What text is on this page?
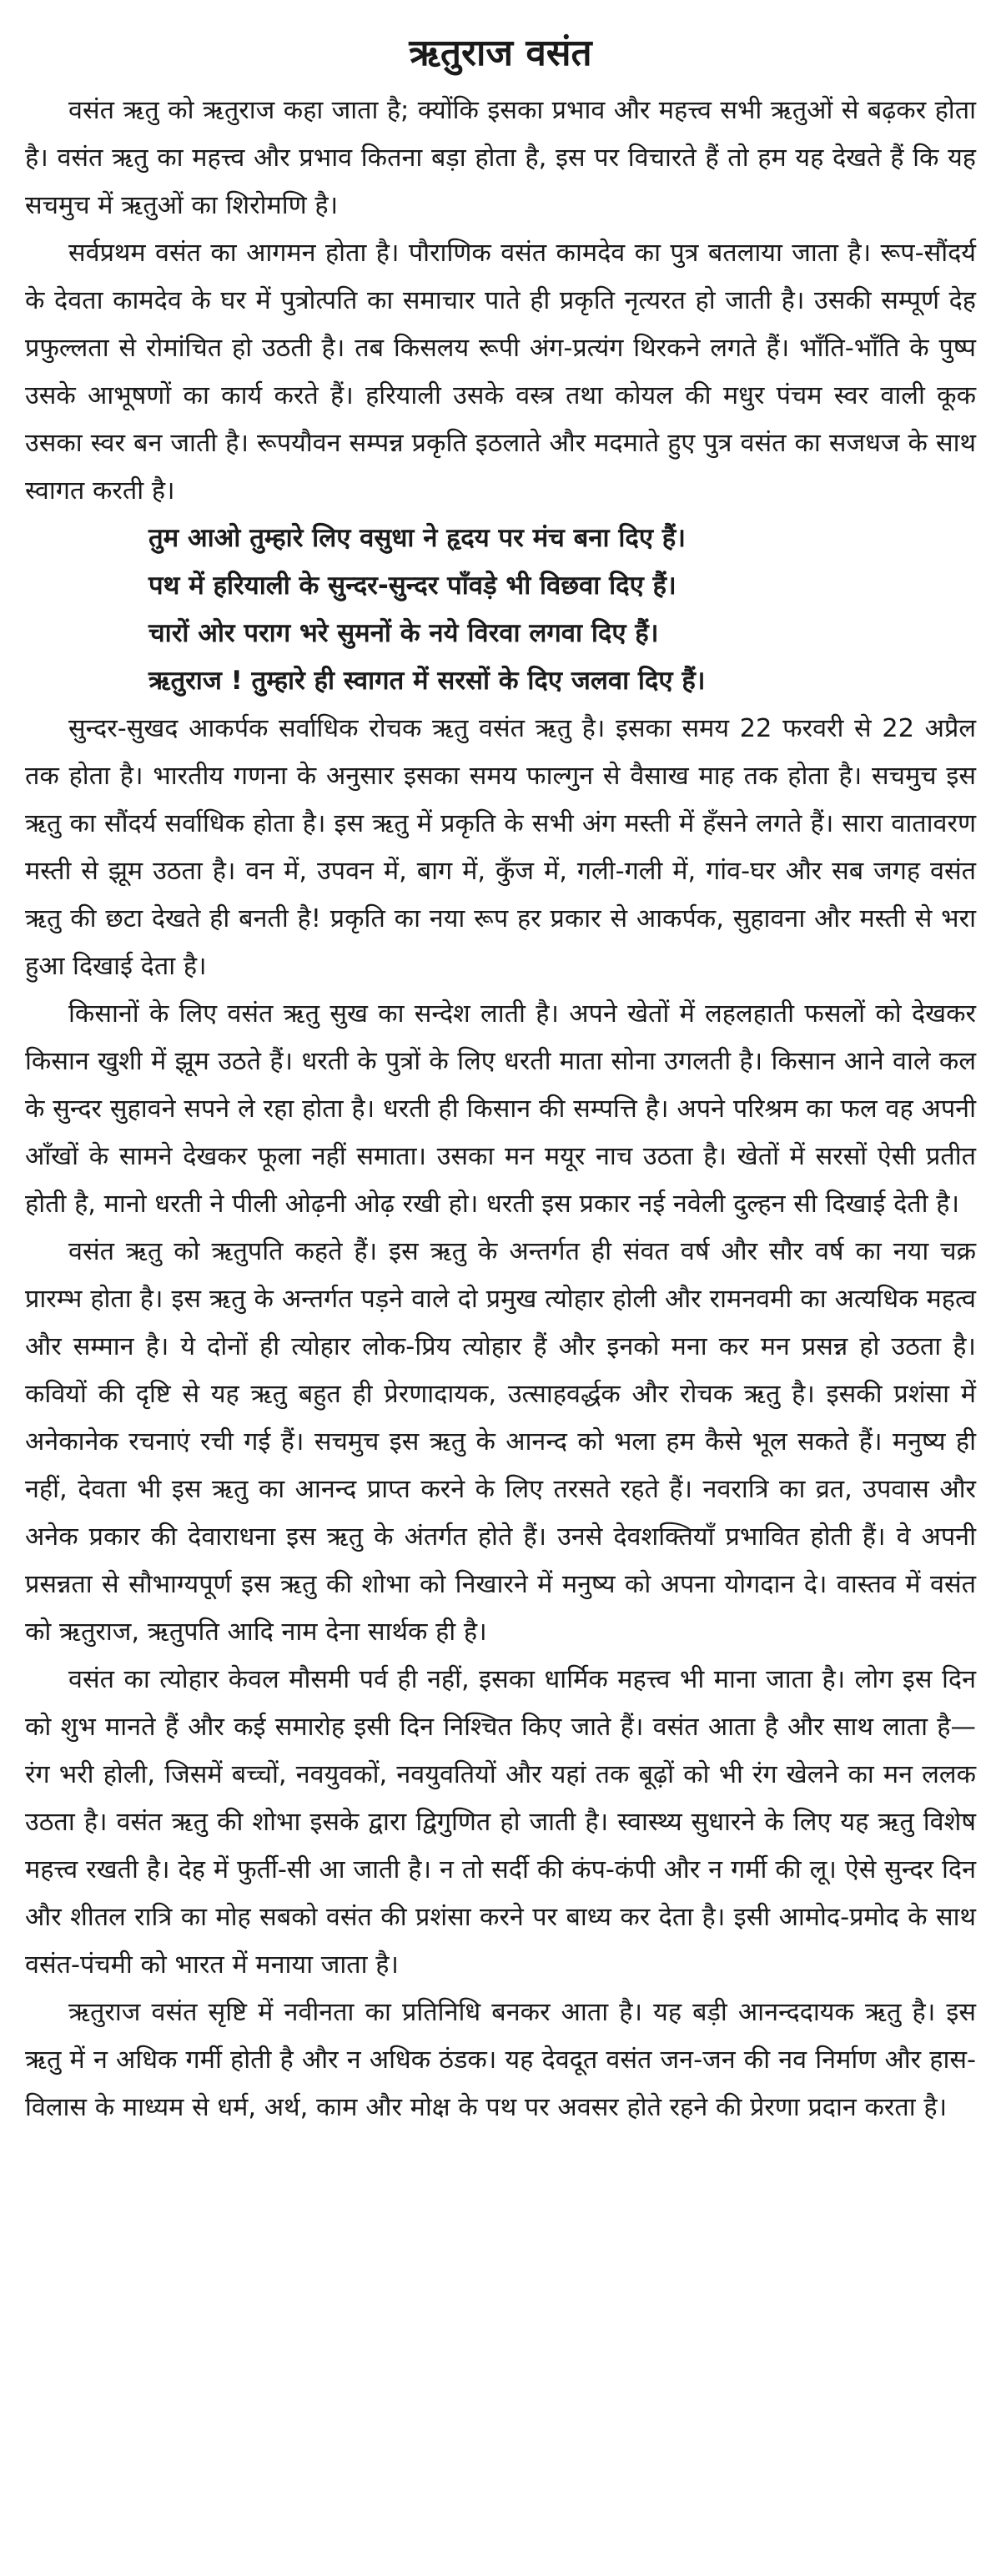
ऋतुराज वसंत

वसंत ऋतु को ऋतुराज कहा जाता है; क्योंकि इसका प्रभाव और महत्त्व सभी ऋतुओं से बढ़कर होता है। वसंत ऋतु का महत्त्व और प्रभाव कितना बड़ा होता है, इस पर विचारते हैं तो हम यह देखते हैं कि यह सचमुच में ऋतुओं का शिरोमणि है।

सर्वप्रथम वसंत का आगमन होता है। पौराणिक वसंत कामदेव का पुत्र बतलाया जाता है। रूप-सौंदर्य के देवता कामदेव के घर में पुत्रोत्पति का समाचार पाते ही प्रकृति नृत्यरत हो जाती है। उसकी सम्पूर्ण देह प्रफुल्लता से रोमांचित हो उठती है। तब किसलय रूपी अंग-प्रत्यंग थिरकने लगते हैं। भाँति-भाँति के पुष्प उसके आभूषणों का कार्य करते हैं। हरियाली उसके वस्त्र तथा कोयल की मधुर पंचम स्वर वाली कूक उसका स्वर बन जाती है। रूपयौवन सम्पन्न प्रकृति इठलाते और मदमाते हुए पुत्र वसंत का सजधज के साथ स्वागत करती है।

तुम आओ तुम्हारे लिए वसुधा ने हृदय पर मंच बना दिए हैं।
पथ में हरियाली के सुन्दर-सुन्दर पाँवड़े भी विछवा दिए हैं।
चारों ओर पराग भरे सुमनों के नये विरवा लगवा दिए हैं।
ऋतुराज ! तुम्हारे ही स्वागत में सरसों के दिए जलवा दिए हैं।

सुन्दर-सुखद आकर्पक सर्वाधिक रोचक ऋतु वसंत ऋतु है। इसका समय 22 फरवरी से 22 अप्रैल तक होता है। भारतीय गणना के अनुसार इसका समय फाल्गुन से वैसाख माह तक होता है। सचमुच इस ऋतु का सौंदर्य सर्वाधिक होता है। इस ऋतु में प्रकृति के सभी अंग मस्ती में हँसने लगते हैं। सारा वातावरण मस्ती से झूम उठता है। वन में, उपवन में, बाग में, कुँज में, गली-गली में, गांव-घर और सब जगह वसंत ऋतु की छटा देखते ही बनती है! प्रकृति का नया रूप हर प्रकार से आकर्पक, सुहावना और मस्ती से भरा हुआ दिखाई देता है।

किसानों के लिए वसंत ऋतु सुख का सन्देश लाती है। अपने खेतों में लहलहाती फसलों को देखकर किसान खुशी में झूम उठते हैं। धरती के पुत्रों के लिए धरती माता सोना उगलती है। किसान आने वाले कल के सुन्दर सुहावने सपने ले रहा होता है। धरती ही किसान की सम्पत्ति है। अपने परिश्रम का फल वह अपनी आँखों के सामने देखकर फूला नहीं समाता। उसका मन मयूर नाच उठता है। खेतों में सरसों ऐसी प्रतीत होती है, मानो धरती ने पीली ओढ़नी ओढ़ रखी हो। धरती इस प्रकार नई नवेली दुल्हन सी दिखाई देती है।

वसंत ऋतु को ऋतुपति कहते हैं। इस ऋतु के अन्तर्गत ही संवत वर्ष और सौर वर्ष का नया चक्र प्रारम्भ होता है। इस ऋतु के अन्तर्गत पड़ने वाले दो प्रमुख त्योहार होली और रामनवमी का अत्यधिक महत्व और सम्मान है। ये दोनों ही त्योहार लोक-प्रिय त्योहार हैं और इनको मना कर मन प्रसन्न हो उठता है। कवियों की दृष्टि से यह ऋतु बहुत ही प्रेरणादायक, उत्साहवर्द्धक और रोचक ऋतु है। इसकी प्रशंसा में अनेकानेक रचनाएं रची गई हैं। सचमुच इस ऋतु के आनन्द को भला हम कैसे भूल सकते हैं। मनुष्य ही नहीं, देवता भी इस ऋतु का आनन्द प्राप्त करने के लिए तरसते रहते हैं। नवरात्रि का व्रत, उपवास और अनेक प्रकार की देवाराधना इस ऋतु के अंतर्गत होते हैं। उनसे देवशक्तियाँ प्रभावित होती हैं। वे अपनी प्रसन्नता से सौभाग्यपूर्ण इस ऋतु की शोभा को निखारने में मनुष्य को अपना योगदान दे। वास्तव में वसंत को ऋतुराज, ऋतुपति आदि नाम देना सार्थक ही है।

वसंत का त्योहार केवल मौसमी पर्व ही नहीं, इसका धार्मिक महत्त्व भी माना जाता है। लोग इस दिन को शुभ मानते हैं और कई समारोह इसी दिन निश्चित किए जाते हैं। वसंत आता है और साथ लाता है—रंग भरी होली, जिसमें बच्चों, नवयुवकों, नवयुवतियों और यहां तक बूढ़ों को भी रंग खेलने का मन ललक उठता है। वसंत ऋतु की शोभा इसके द्वारा द्विगुणित हो जाती है। स्वास्थ्य सुधारने के लिए यह ऋतु विशेष महत्त्व रखती है। देह में फुर्ती-सी आ जाती है। न तो सर्दी की कंप-कंपी और न गर्मी की लू। ऐसे सुन्दर दिन और शीतल रात्रि का मोह सबको वसंत की प्रशंसा करने पर बाध्य कर देता है। इसी आमोद-प्रमोद के साथ वसंत-पंचमी को भारत में मनाया जाता है।

ऋतुराज वसंत सृष्टि में नवीनता का प्रतिनिधि बनकर आता है। यह बड़ी आनन्ददायक ऋतु है। इस ऋतु में न अधिक गर्मी होती है और न अधिक ठंडक। यह देवदूत वसंत जन-जन की नव निर्माण और हास-विलास के माध्यम से धर्म, अर्थ, काम और मोक्ष के पथ पर अवसर होते रहने की प्रेरणा प्रदान करता है।
